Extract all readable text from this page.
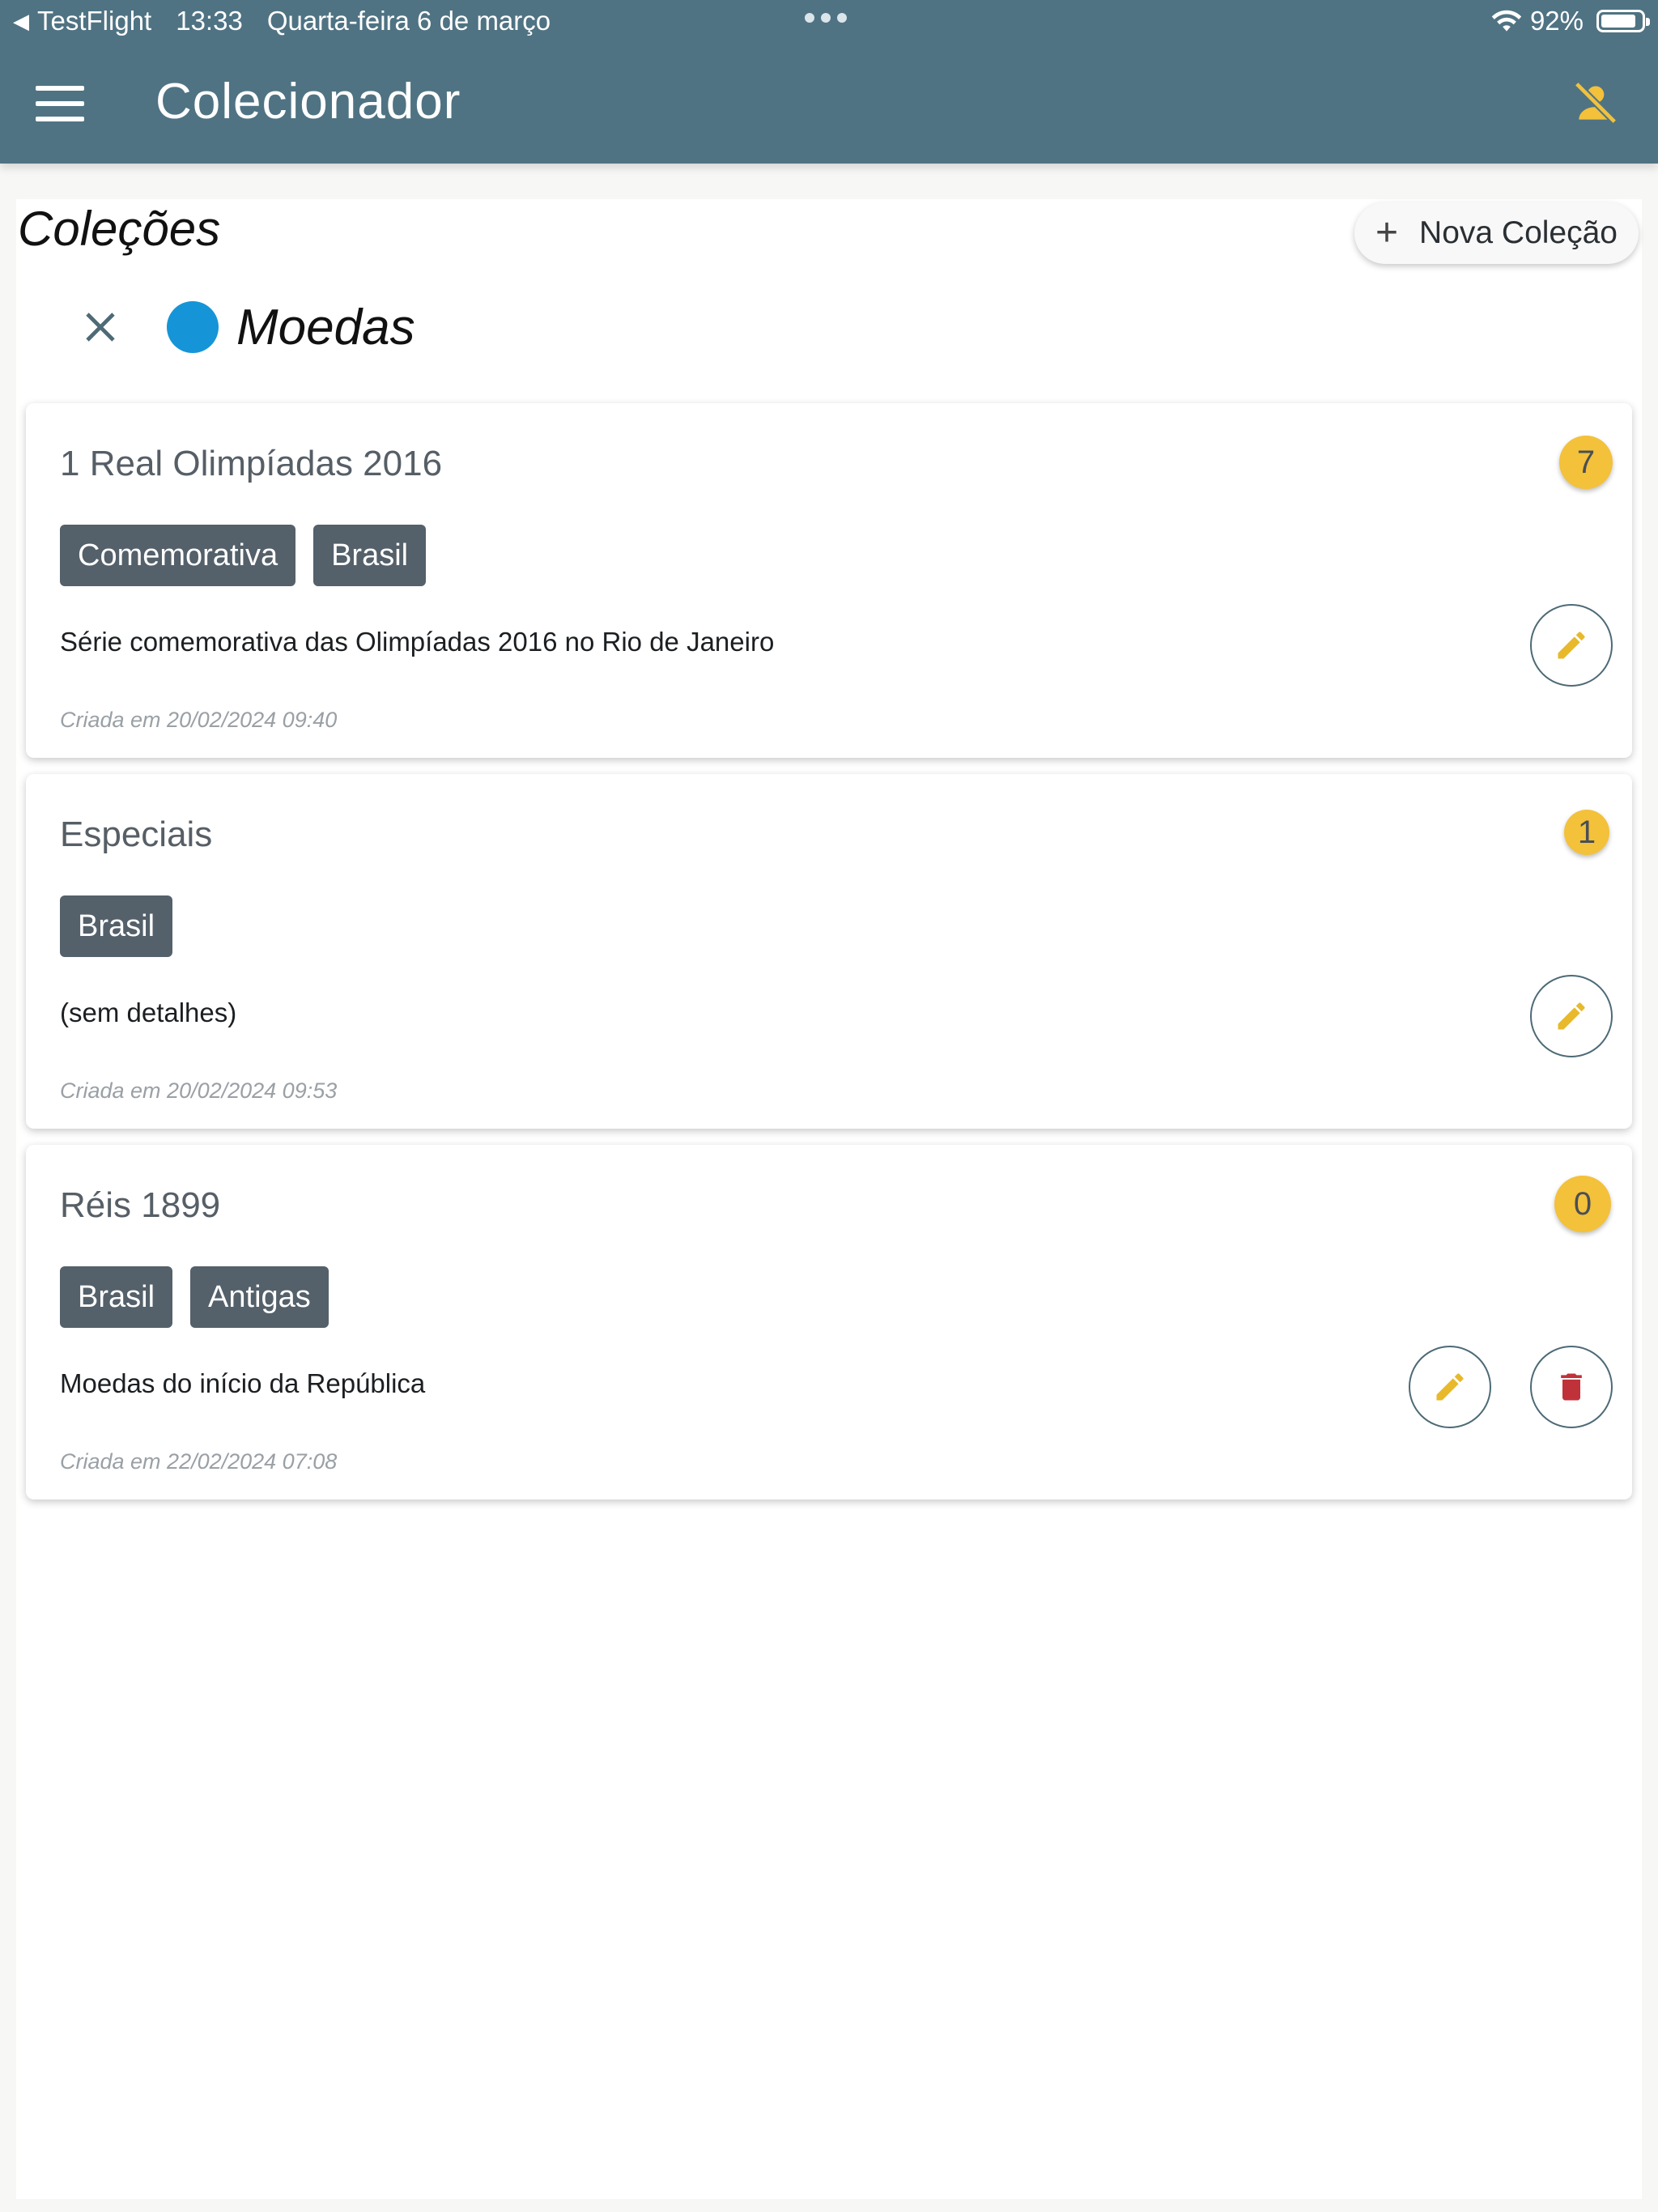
◀ TestFlight 13:33 Quarta-feira 6 de março	92%
Colecionador
Coleções	+ Nova Coleção
Moedas
1 Real Olimpíadas 2016	7
Comemorativa	Brasil
Série comemorativa das Olimpíadas 2016 no Rio de Janeiro
Criada em 20/02/2024 09:40
Especiais	1
Brasil
(sem detalhes)
Criada em 20/02/2024 09:53
Réis 1899	0
Brasil	Antigas
Moedas do início da República
Criada em 22/02/2024 07:08
